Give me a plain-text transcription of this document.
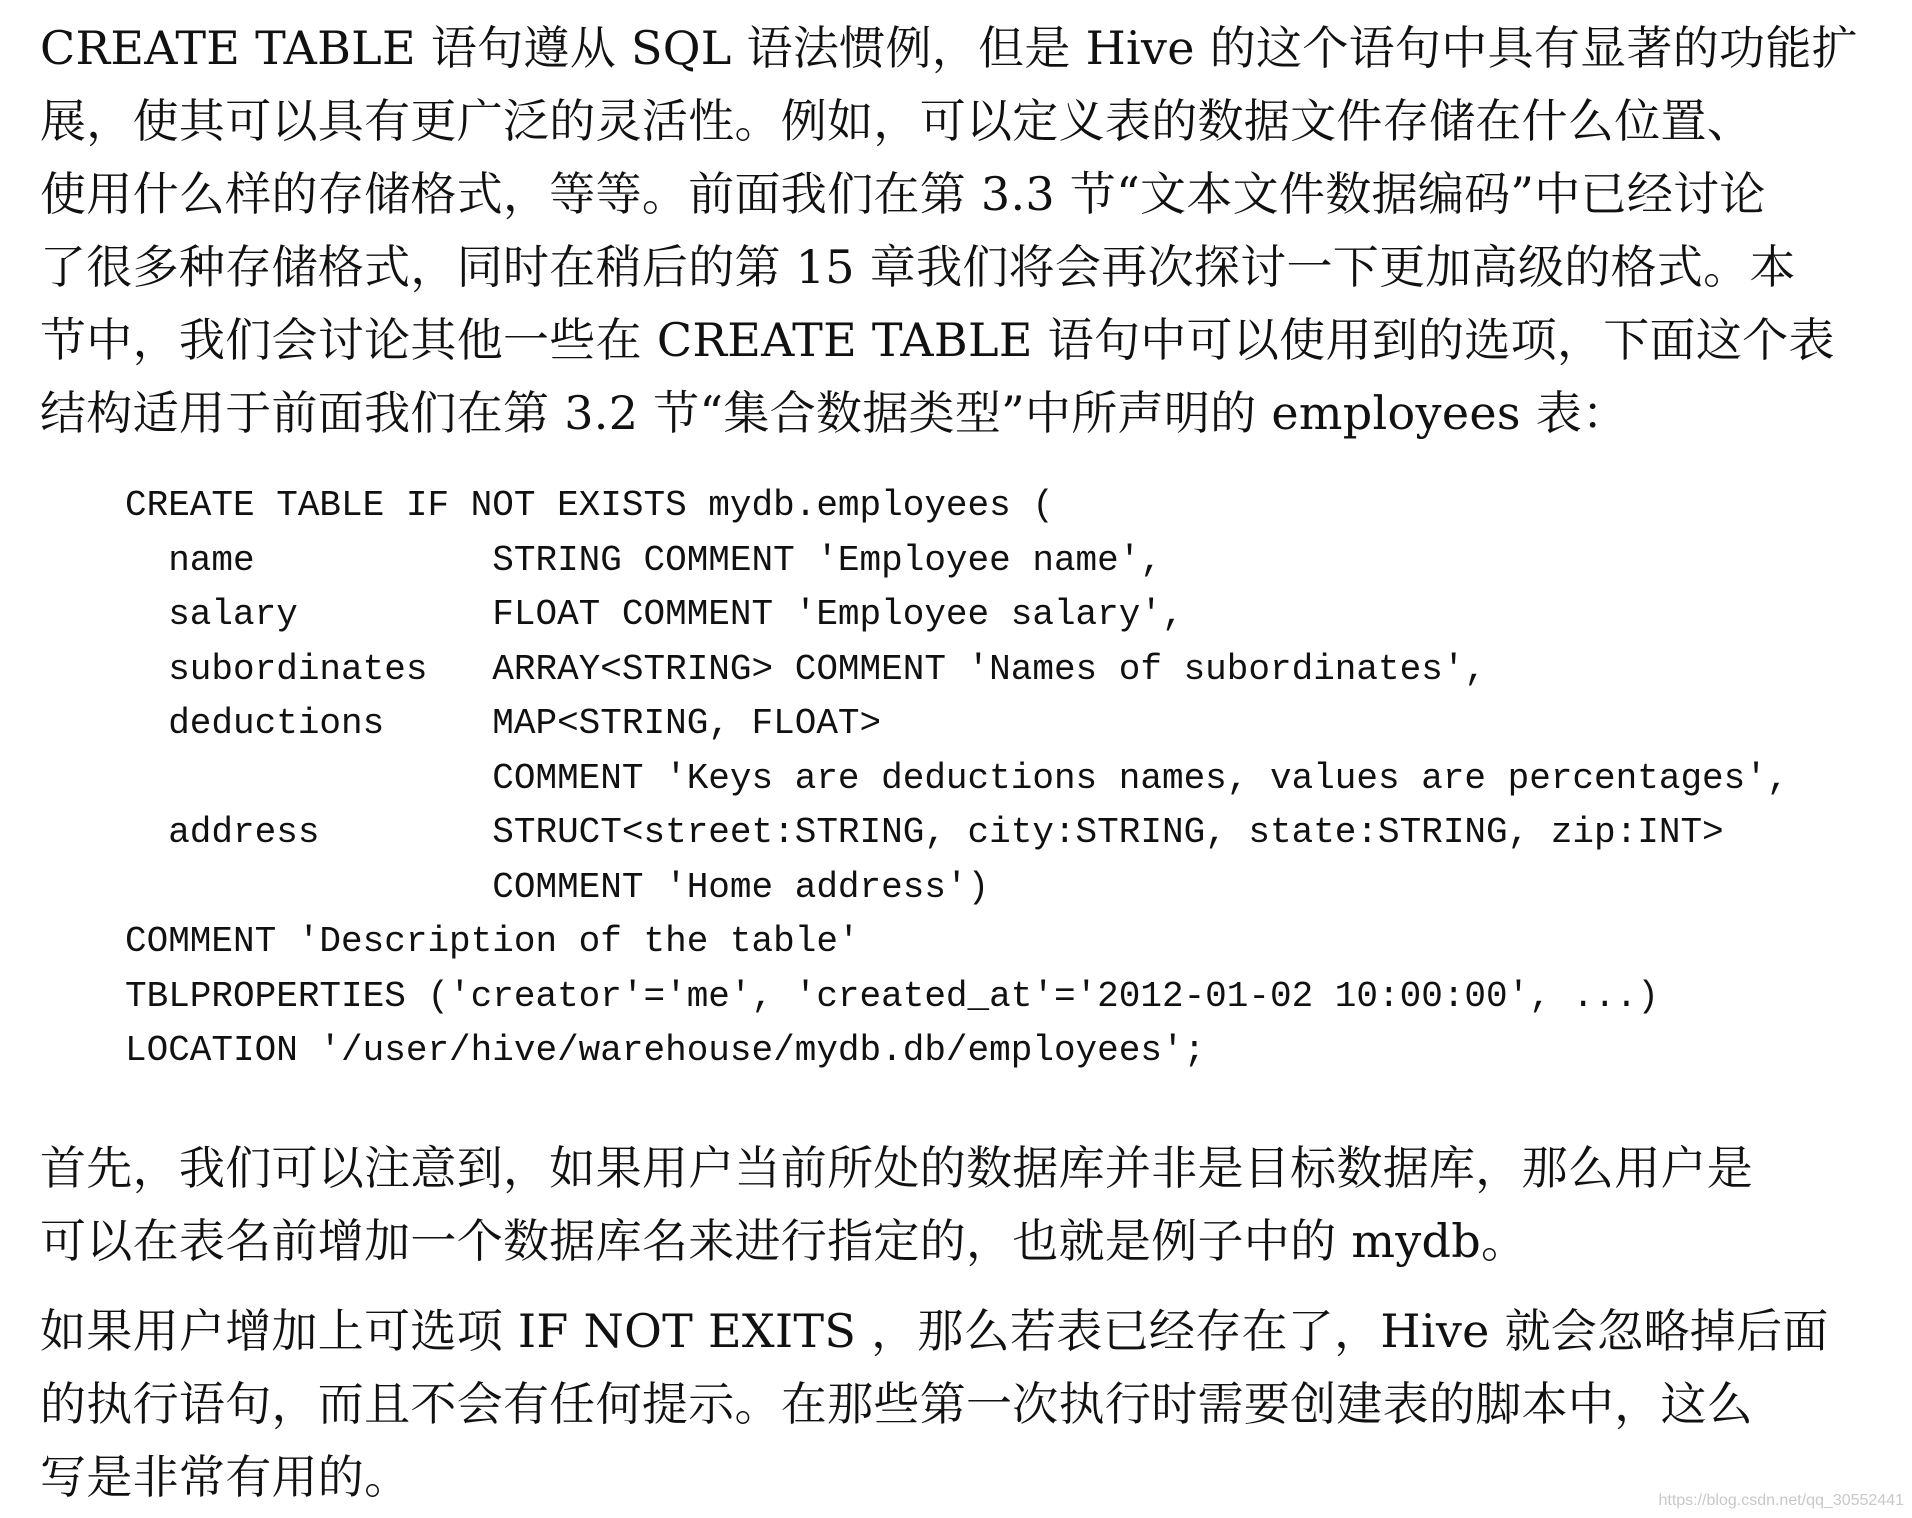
CREATE TABLE 语句遵从 SQL 语法惯例，但是 Hive 的这个语句中具有显著的功能扩
展，使其可以具有更广泛的灵活性。例如，可以定义表的数据文件存储在什么位置、
使用什么样的存储格式，等等。前面我们在第 3.3 节“文本文件数据编码”中已经讨论
了很多种存储格式，同时在稍后的第 15 章我们将会再次探讨一下更加高级的格式。本
节中，我们会讨论其他一些在 CREATE TABLE 语句中可以使用到的选项，下面这个表
结构适用于前面我们在第 3.2 节“集合数据类型”中所声明的 employees 表：

CREATE TABLE IF NOT EXISTS mydb.employees (
name           STRING COMMENT 'Employee name',
salary         FLOAT COMMENT 'Employee salary',
subordinates   ARRAY<STRING> COMMENT 'Names of subordinates',
deductions     MAP<STRING, FLOAT>
COMMENT 'Keys are deductions names, values are percentages',
address        STRUCT<street:STRING, city:STRING, state:STRING, zip:INT>
COMMENT 'Home address')
COMMENT 'Description of the table'
TBLPROPERTIES ('creator'='me', 'created_at'='2012-01-02 10:00:00', ...)
LOCATION '/user/hive/warehouse/mydb.db/employees';

首先，我们可以注意到，如果用户当前所处的数据库并非是目标数据库，那么用户是
可以在表名前增加一个数据库名来进行指定的，也就是例子中的 mydb。

如果用户增加上可选项 IF NOT EXITS ，那么若表已经存在了，Hive 就会忽略掉后面
的执行语句，而且不会有任何提示。在那些第一次执行时需要创建表的脚本中，这么
写是非常有用的。	https://blog.csdn.net/qq_30552441
